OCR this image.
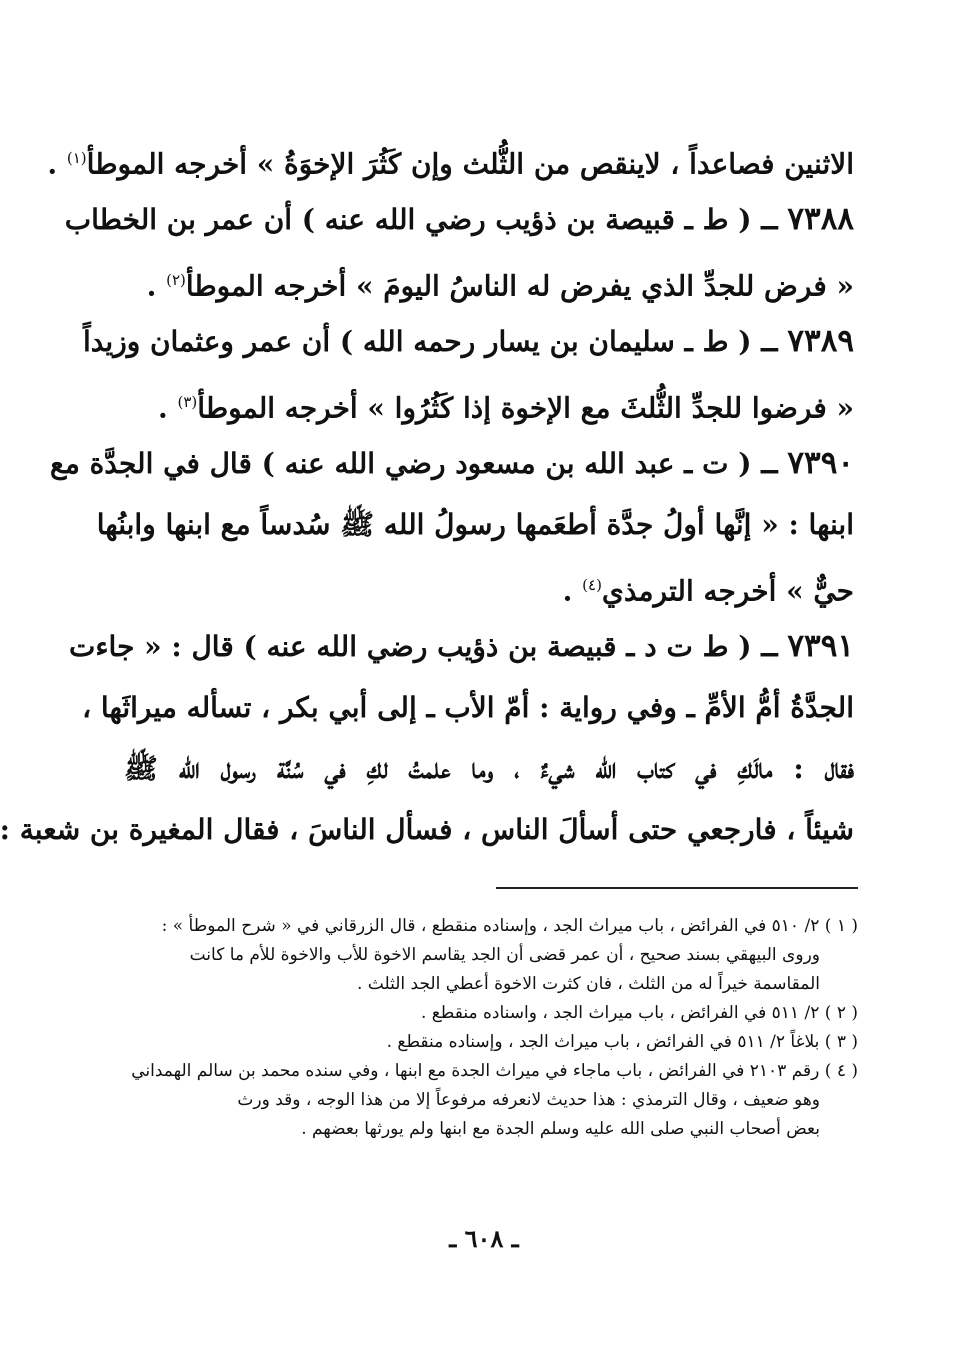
الاثنين فصاعداً ، لاينقص من الثُّلث وإن كَثُرَ الإخوَةُ » أخرجه الموطأ$^{(١)}$ .
٧٣٨٨ ــ ( ط ـ قبيصة بن ذؤيب رضي الله عنه ) أن عمر بن الخطاب
« فرض للجدِّ الذي يفرض له الناسُ اليومَ » أخرجه الموطأ$^{(٢)}$ .
٧٣٨٩ ــ ( ط ـ سليمان بن يسار رحمه الله ) أن عمر وعثمان وزيداً
« فرضوا للجدِّ الثُّلثَ مع الإخوة إذا كَثُرُوا » أخرجه الموطأ$^{(٣)}$ .
٧٣٩٠ ــ ( ت ـ عبد الله بن مسعود رضي الله عنه ) قال في الجدَّة مع
ابنها : « إنَّها أولُ جدَّة أطعَمها رسولُ الله ﷺ سُدساً مع ابنها وابنُها
حيٌّ » أخرجه الترمذي$^{(٤)}$ .
٧٣٩١ ــ ( ط ت د ـ قبيصة بن ذؤيب رضي الله عنه ) قال : « جاءت
الجدَّةُ أمُّ الأمِّ ـ وفي رواية : أمّ الأب ـ إلى أبي بكر ، تسأله ميراثَها ،
فقال : مالَكِ في كتاب الله شيءٌ ، وما علمتُ لكِ في سُنَّة رسول الله ﷺ
شيئاً ، فارجعي حتى أسألَ الناس ، فسأل الناسَ ، فقال المغيرة بن شعبة :
( ١ ) ٢/ ٥١٠ في الفرائض ، باب ميراث الجد ، وإسناده منقطع ، قال الزرقاني في « شرح الموطأ » :
وروى البيهقي بسند صحيح ، أن عمر قضى أن الجد يقاسم الاخوة للأب والاخوة للأم ما كانت
المقاسمة خيراً له من الثلث ، فان كثرت الاخوة أعطي الجد الثلث .
( ٢ ) ٢/ ٥١١ في الفرائض ، باب ميراث الجد ، واسناده منقطع .
( ٣ ) بلاغاً ٢/ ٥١١ في الفرائض ، باب ميراث الجد ، وإسناده منقطع .
( ٤ ) رقم ٢١٠٣ في الفرائض ، باب ماجاء في ميراث الجدة مع ابنها ، وفي سنده محمد بن سالم الهمداني
وهو ضعيف ، وقال الترمذي : هذا حديث لانعرفه مرفوعاً إلا من هذا الوجه ، وقد ورث
بعض أصحاب النبي صلى الله عليه وسلم الجدة مع ابنها ولم يورثها بعضهم .
ـ ٦٠٨ ـ
